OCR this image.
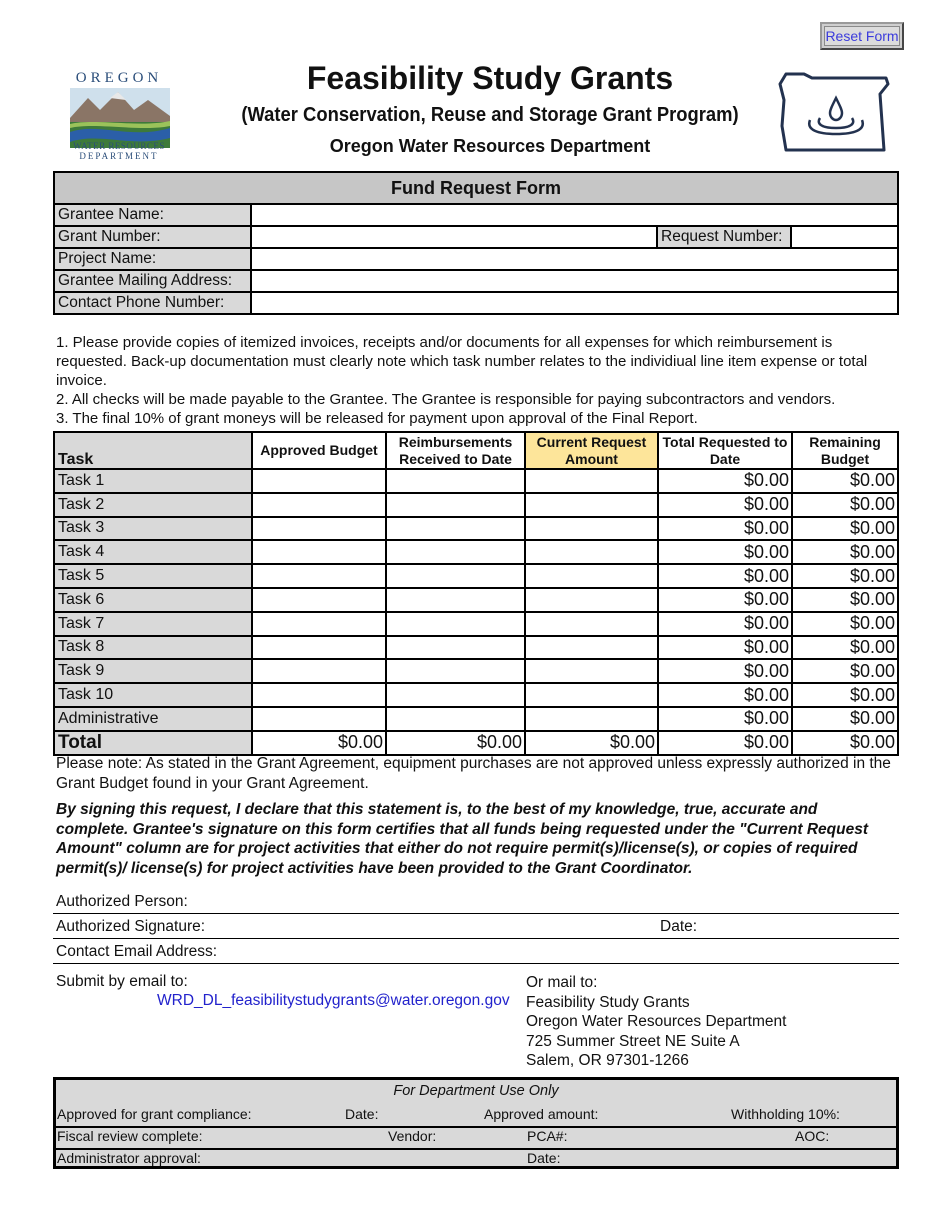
Reset Form
OREGON
WATER RESOURCES
DEPARTMENT
Feasibility Study Grants
(Water Conservation, Reuse and Storage Grant Program)
Oregon Water Resources Department
Fund Request Form			
Grantee Name:			
Grant Number:		Request Number:	
Project Name:			
Grantee Mailing Address:			
Contact Phone Number:			
1. Please provide copies of itemized invoices, receipts and/or documents for all expenses for which reimbursement is requested. Back-up documentation must clearly note which task number relates to the individiual line item expense or total invoice.
2. All checks will be made payable to the Grantee. The Grantee is responsible for paying subcontractors and vendors.
3. The final 10% of grant moneys will be released for payment upon approval of the Final Report.
Task	Approved Budget	Reimbursements Received to Date	Current Request Amount	Total Requested to Date	Remaining Budget
Task 1				$0.00	$0.00
Task 2				$0.00	$0.00
Task 3				$0.00	$0.00
Task 4				$0.00	$0.00
Task 5				$0.00	$0.00
Task 6				$0.00	$0.00
Task 7				$0.00	$0.00
Task 8				$0.00	$0.00
Task 9				$0.00	$0.00
Task 10				$0.00	$0.00
Administrative				$0.00	$0.00
Total	$0.00	$0.00	$0.00	$0.00	$0.00
Please note: As stated in the Grant Agreement, equipment purchases are not approved unless expressly authorized in the Grant Budget found in your Grant Agreement.
By signing this request, I declare that this statement is, to the best of my knowledge, true, accurate and complete. Grantee's signature on this form certifies that all funds being requested under the "Current Request Amount" column are for project activities that either do not require permit(s)/license(s), or copies of required permit(s)/ license(s) for project activities have been provided to the Grant Coordinator.
Authorized Person:
Authorized Signature:	Date:
Contact Email Address:
Submit by email to:
WRD_DL_feasibilitystudygrants@water.oregon.gov
Or mail to:
Feasibility Study Grants
Oregon Water Resources Department
725 Summer Street NE Suite A
Salem, OR 97301-1266
For Department Use Only
Approved for grant compliance:	Date:	Approved amount:	Withholding 10%:
Fiscal review complete:	Vendor:	PCA#:	AOC:
Administrator approval:	Date:
